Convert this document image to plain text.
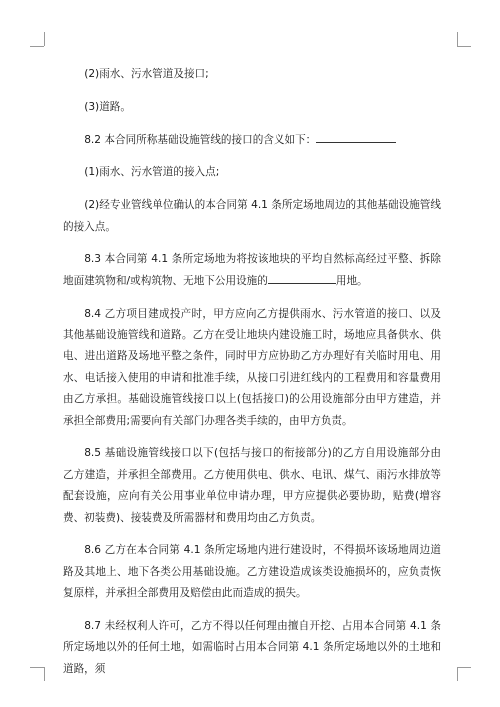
(2)雨水、污水管道及接口;

(3)道路。

8.2 本合同所称基础设施管线的接口的含义如下：

(1)雨水、污水管道的接入点;

(2)经专业管线单位确认的本合同第 4.1 条所定场地周边的其他基础设施管线的接入点。

8.3 本合同第 4.1 条所定场地为将按该地块的平均自然标高经过平整、拆除地面建筑物和/或构筑物、无地下公用设施的	用地。

8.4 乙方项目建成投产时，甲方应向乙方提供雨水、污水管道的接口、以及其他基础设施管线和道路。乙方在受让地块内建设施工时，场地应具备供水、供电、进出道路及场地平整之条件，同时甲方应协助乙方办理好有关临时用电、用水、电话接入使用的申请和批准手续，从接口引进红线内的工程费用和容量费用由乙方承担。基础设施管线接口以上(包括接口)的公用设施部分由甲方建造，并承担全部费用;需要向有关部门办理各类手续的，由甲方负责。

8.5 基础设施管线接口以下(包括与接口的衔接部分)的乙方自用设施部分由乙方建造，并承担全部费用。乙方使用供电、供水、电讯、煤气、雨污水排放等配套设施，应向有关公用事业单位申请办理，甲方应提供必要协助，贴费(增容费、初装费)、接装费及所需器材和费用均由乙方负责。

8.6 乙方在本合同第 4.1 条所定场地内进行建设时，不得损坏该场地周边道路及其地上、地下各类公用基础设施。乙方建设造成该类设施损坏的，应负责恢复原样，并承担全部费用及赔偿由此而造成的损失。

8.7 未经权利人许可，乙方不得以任何理由擅自开挖、占用本合同第 4.1 条所定场地以外的任何土地，如需临时占用本合同第 4.1 条所定场地以外的土地和道路，须
